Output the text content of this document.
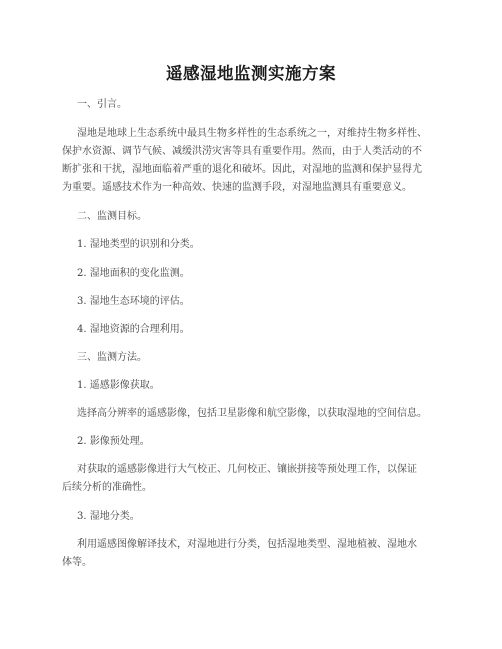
遥感湿地监测实施方案
一、引言。
湿地是地球上生态系统中最具生物多样性的生态系统之一，对维持生物多样性、
保护水资源、调节气候、减缓洪涝灾害等具有重要作用。然而，由于人类活动的不
断扩张和干扰，湿地面临着严重的退化和破坏。因此，对湿地的监测和保护显得尤
为重要。遥感技术作为一种高效、快速的监测手段，对湿地监测具有重要意义。
二、监测目标。
1. 湿地类型的识别和分类。
2. 湿地面积的变化监测。
3. 湿地生态环境的评估。
4. 湿地资源的合理利用。
三、监测方法。
1. 遥感影像获取。
选择高分辨率的遥感影像，包括卫星影像和航空影像，以获取湿地的空间信息。
2. 影像预处理。
对获取的遥感影像进行大气校正、几何校正、镶嵌拼接等预处理工作，以保证
后续分析的准确性。
3. 湿地分类。
利用遥感图像解译技术，对湿地进行分类，包括湿地类型、湿地植被、湿地水
体等。
